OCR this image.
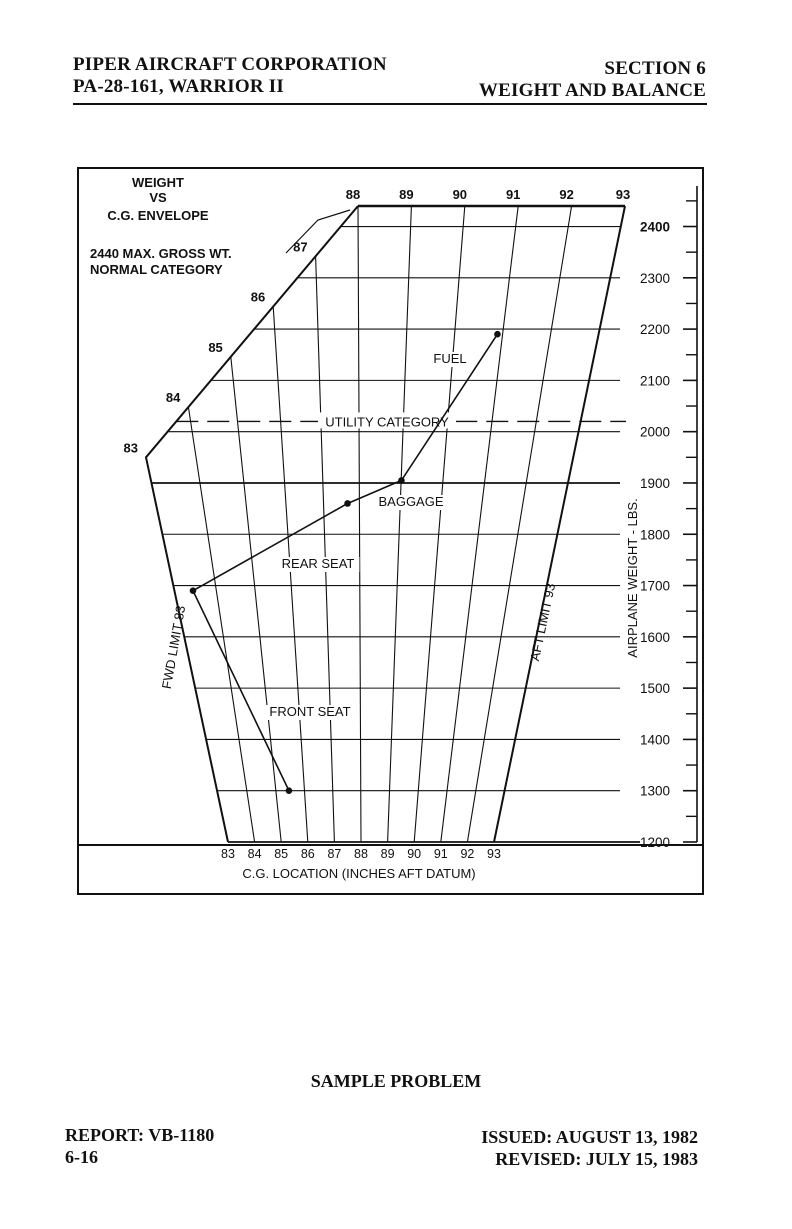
PIPER AIRCRAFT CORPORATION
PA-28-161, WARRIOR II
SECTION 6
WEIGHT AND BALANCE
1200
1300
1400
1500
1600
1700
1800
1900
2000
2100
2200
2300
2400
83 84 85 86 87 88 89 90 91 92 93
88	89	90	91	92	93
83
84
85
86
87
WEIGHT
VS
C.G. ENVELOPE
2440 MAX. GROSS WT.
NORMAL CATEGORY
UTILITY CATEGORY
AIRPLANE WEIGHT - LBS.
C.G. LOCATION (INCHES AFT DATUM)
FWD LIMIT 83	AFT LIMIT 93
FRONT SEAT
REAR SEAT
BAGGAGE
FUEL
SAMPLE PROBLEM
REPORT: VB-1180
6-16
ISSUED: AUGUST 13, 1982
REVISED: JULY 15, 1983
